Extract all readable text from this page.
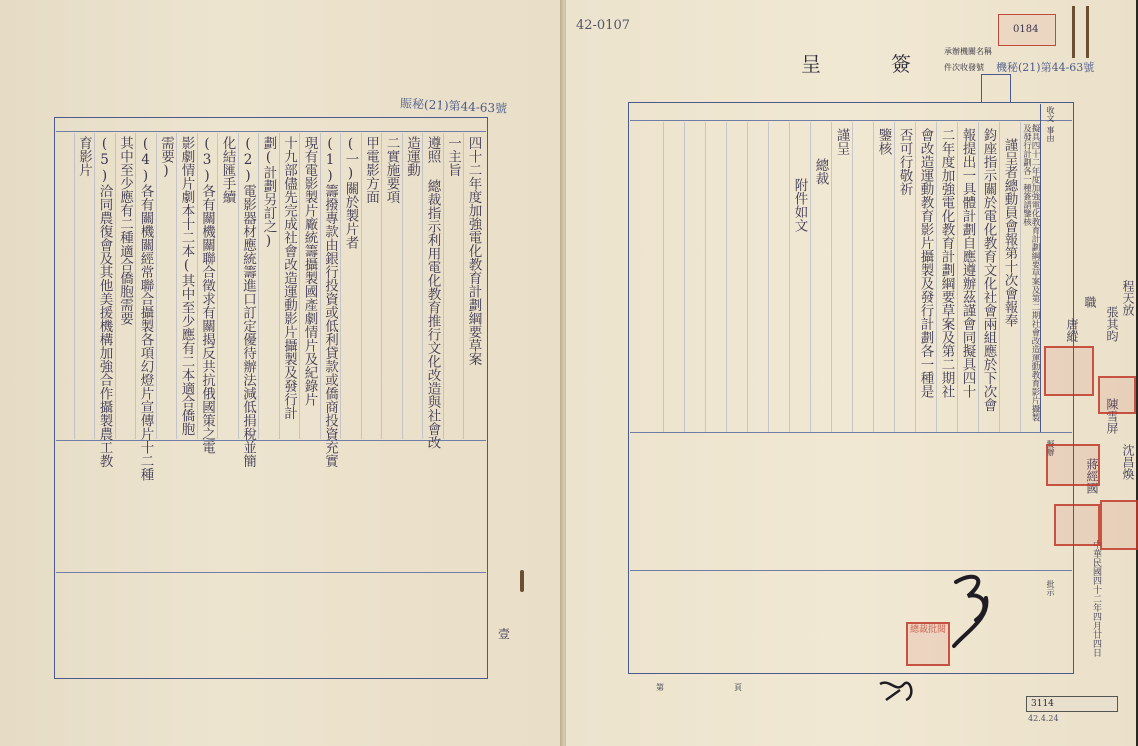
賑秘(21)第44-63號
四十二年度加強電化教育計劃綱要草案
一主旨
遵照 總裁指示利用電化教育推行文化改造與社會改
造運動
二實施要項
甲電影方面
(一)關於製片者
(1)籌撥專款由銀行投資或低利貸款或僑商投資充實
現有電影製片廠統籌攝製國產劇情片及紀錄片
十九部儘先完成社會改造運動影片攝製及發行計
劃(計劃另訂之)
(2)電影器材應統籌進口訂定優待辦法減低捐稅並簡
化結匯手續
(3)各有關機關聯合徵求有關揭反共抗俄國策之電
影劇情片劇本十二本(其中至少應有二本適合僑胞
需要)
(4)各有關機關經常聯合攝製各項幻燈片宣傳片十二種
其中至少應有二種適合僑胞需要
(5)洽同農復會及其他美援機構加強合作攝製農工教
育影片
壹
42-0107
呈	簽
承辦機關名稱
件次收發號 機秘(21)第44-63號
0184
收文
事由
擬具四十二年度加強電化教育計劃綱要草案及第二期社會改造運動教育影片攝製及發行計劃各一種簽請鑒核
謹呈者總動員會報第十次會報奉
鈞座指示關於電化教育文化社會兩組應於下次會
報提出一具體計劃自應遵辦茲謹會同擬具四十
二年度加強電化教育計劃綱要草案及第二期社
會改造運動教育影片攝製及發行計劃各一種是
否可行敬祈
鑒核
謹呈
總裁
附件如文
擬辦
批示
職
唐縱 張其昀
程天放
陳雪屏
沈昌煥
蔣經國
中華民國四十二年四月廿四日
總裁批閱
第	頁
3114
42.4.24
